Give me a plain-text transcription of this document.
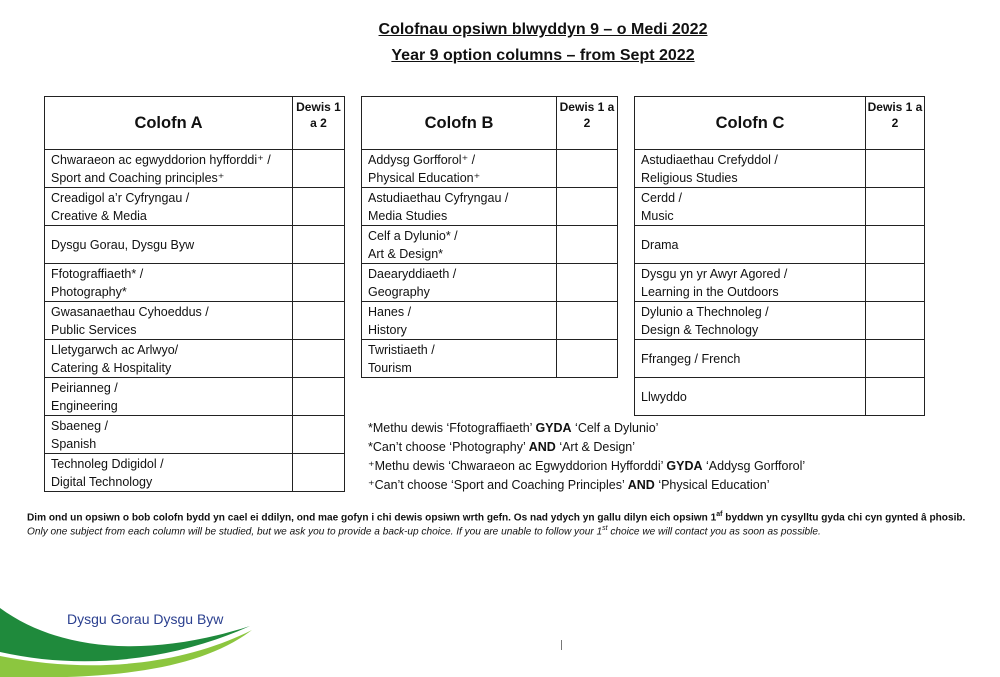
Colofnau opsiwn blwyddyn 9 – o Medi 2022
Year 9 option columns – from Sept 2022
Colofn A	Dewis 1 a 2

Chwaraeon ac egwyddorion hyfforddi⁺ /
Sport and Coaching principles⁺	

Creadigol a’r Cyfryngau /
Creative & Media	

Dysgu Gorau, Dysgu Byw	

Ffotograffiaeth* /
Photography*	

Gwasanaethau Cyhoeddus /
Public Services	

Lletygarwch ac Arlwyo/
Catering & Hospitality	

Peirianneg /
Engineering	

Sbaeneg /
Spanish	

Technoleg Ddigidol /
Digital Technology	

Colofn B	Dewis 1 a 2

Addysg Gorfforol⁺ /
Physical Education⁺	

Astudiaethau Cyfryngau /
Media Studies	

Celf a Dylunio* /
Art & Design*	

Daearyddiaeth /
Geography	

Hanes /
History	

Twristiaeth /
Tourism	

Colofn C	Dewis 1 a 2

Astudiaethau Crefyddol /
Religious Studies	

Cerdd /
Music	

Drama	

Dysgu yn yr Awyr Agored /
Learning in the Outdoors	

Dylunio a Thechnoleg /
Design & Technology	

Ffrangeg / French	

Llwyddo	

*Methu dewis ‘Ffotograffiaeth’ GYDA ‘Celf a Dylunio’
*Can’t choose ‘Photography’ AND ‘Art & Design’
⁺Methu dewis ‘Chwaraeon ac Egwyddorion Hyfforddi’ GYDA ‘Addysg Gorfforol’
⁺Can’t choose ‘Sport and Coaching Principles’ AND ‘Physical Education’
Dim ond un opsiwn o bob colofn bydd yn cael ei ddilyn, ond mae gofyn i chi dewis opsiwn wrth gefn. Os nad ydych yn gallu dilyn eich opsiwn $1^{af}$ byddwn yn cysylltu gyda chi cyn gynted â phosib.
Only one subject from each column will be studied, but we ask you to provide a back-up choice. If you are unable to follow your 1st choice we will contact you as soon as possible.
Dysgu Gorau Dysgu Byw
